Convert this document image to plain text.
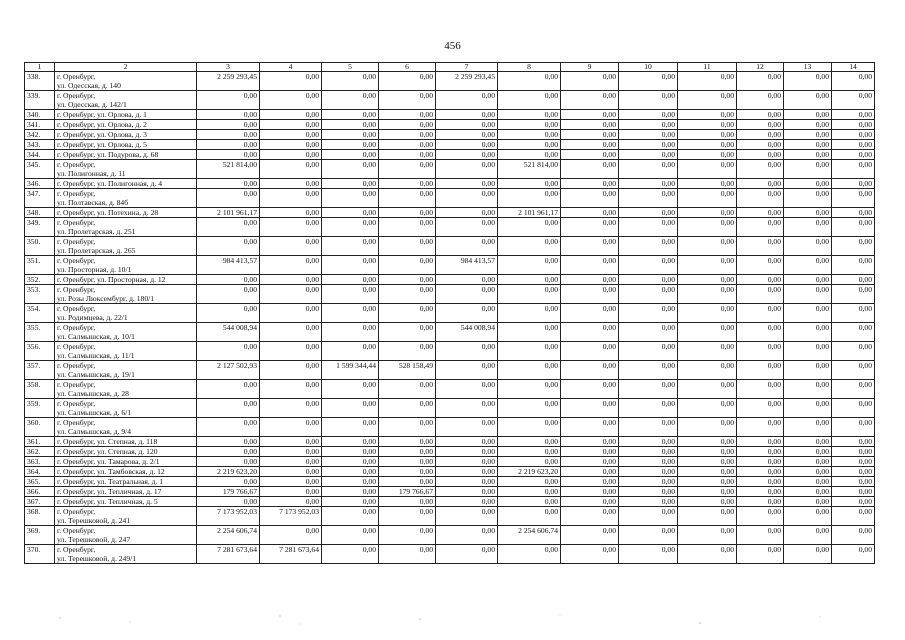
456
1	2	3	4	5	6	7	8	9	10	11	12	13	14
338.	г. Оренбург,
ул. Одесская, д. 140	2 259 293,45	0,00	0,00	0,00	2 259 293,45	0,00	0,00	0,00	0,00	0,00	0,00	0,00
339.	г. Оренбург,
ул. Одесская, д. 142/1	0,00	0,00	0,00	0,00	0,00	0,00	0,00	0,00	0,00	0,00	0,00	0,00
340.	г. Оренбург, ул. Орлова, д. 1	0,00	0,00	0,00	0,00	0,00	0,00	0,00	0,00	0,00	0,00	0,00	0,00
341.	г. Оренбург, ул. Орлова, д. 2	0,00	0,00	0,00	0,00	0,00	0,00	0,00	0,00	0,00	0,00	0,00	0,00
342.	г. Оренбург, ул. Орлова, д. 3	0,00	0,00	0,00	0,00	0,00	0,00	0,00	0,00	0,00	0,00	0,00	0,00
343.	г. Оренбург, ул. Орлова, д. 5	0,00	0,00	0,00	0,00	0,00	0,00	0,00	0,00	0,00	0,00	0,00	0,00
344.	г. Оренбург, ул. Подурова, д. 68	0,00	0,00	0,00	0,00	0,00	0,00	0,00	0,00	0,00	0,00	0,00	0,00
345.	г. Оренбург,
ул. Полигонная, д. 11	521 814,00	0,00	0,00	0,00	0,00	521 814,00	0,00	0,00	0,00	0,00	0,00	0,00
346.	г. Оренбург, ул. Полигонная, д. 4	0,00	0,00	0,00	0,00	0,00	0,00	0,00	0,00	0,00	0,00	0,00	0,00
347.	г. Оренбург,
ул. Полтавская, д. 84б	0,00	0,00	0,00	0,00	0,00	0,00	0,00	0,00	0,00	0,00	0,00	0,00
348.	г. Оренбург, ул. Потехина, д. 28	2 101 961,17	0,00	0,00	0,00	0,00	2 101 961,17	0,00	0,00	0,00	0,00	0,00	0,00
349.	г. Оренбург,
ул. Пролетарская, д. 251	0,00	0,00	0,00	0,00	0,00	0,00	0,00	0,00	0,00	0,00	0,00	0,00
350.	г. Оренбург,
ул. Пролетарская, д. 265	0,00	0,00	0,00	0,00	0,00	0,00	0,00	0,00	0,00	0,00	0,00	0,00
351.	г. Оренбург,
ул. Просторная, д. 10/1	984 413,57	0,00	0,00	0,00	984 413,57	0,00	0,00	0,00	0,00	0,00	0,00	0,00
352.	г. Оренбург, ул. Просторная, д. 12	0,00	0,00	0,00	0,00	0,00	0,00	0,00	0,00	0,00	0,00	0,00	0,00
353.	г. Оренбург,
ул. Розы Люксембург, д. 180/1	0,00	0,00	0,00	0,00	0,00	0,00	0,00	0,00	0,00	0,00	0,00	0,00
354.	г. Оренбург,
ул. Родимцева, д. 22/1	0,00	0,00	0,00	0,00	0,00	0,00	0,00	0,00	0,00	0,00	0,00	0,00
355.	г. Оренбург,
ул. Салмышская, д. 10/1	544 008,94	0,00	0,00	0,00	544 008,94	0,00	0,00	0,00	0,00	0,00	0,00	0,00
356.	г. Оренбург,
ул. Салмышская, д. 11/1	0,00	0,00	0,00	0,00	0,00	0,00	0,00	0,00	0,00	0,00	0,00	0,00
357.	г. Оренбург,
ул. Салмышская, д. 19/1	2 127 502,93	0,00	1 599 344,44	528 158,49	0,00	0,00	0,00	0,00	0,00	0,00	0,00	0,00
358.	г. Оренбург,
ул. Салмышская, д. 28	0,00	0,00	0,00	0,00	0,00	0,00	0,00	0,00	0,00	0,00	0,00	0,00
359.	г. Оренбург,
ул. Салмышская, д. 6/1	0,00	0,00	0,00	0,00	0,00	0,00	0,00	0,00	0,00	0,00	0,00	0,00
360.	г. Оренбург,
ул. Салмышская, д. 9/4	0,00	0,00	0,00	0,00	0,00	0,00	0,00	0,00	0,00	0,00	0,00	0,00
361.	г. Оренбург, ул. Степная, д. 118	0,00	0,00	0,00	0,00	0,00	0,00	0,00	0,00	0,00	0,00	0,00	0,00
362.	г. Оренбург, ул. Степная, д. 120	0,00	0,00	0,00	0,00	0,00	0,00	0,00	0,00	0,00	0,00	0,00	0,00
363.	г. Оренбург, ул. Тамарова, д. 2/1	0,00	0,00	0,00	0,00	0,00	0,00	0,00	0,00	0,00	0,00	0,00	0,00
364.	г. Оренбург, ул. Тамбовская, д. 12	2 219 623,20	0,00	0,00	0,00	0,00	2 219 623,20	0,00	0,00	0,00	0,00	0,00	0,00
365.	г. Оренбург, ул. Театральная, д. 1	0,00	0,00	0,00	0,00	0,00	0,00	0,00	0,00	0,00	0,00	0,00	0,00
366.	г. Оренбург, ул. Тепличная, д. 17	179 766,67	0,00	0,00	179 766,67	0,00	0,00	0,00	0,00	0,00	0,00	0,00	0,00
367.	г. Оренбург, ул. Тепличная, д. 5	0,00	0,00	0,00	0,00	0,00	0,00	0,00	0,00	0,00	0,00	0,00	0,00
368.	г. Оренбург,
ул. Терешковой, д. 241	7 173 952,03	7 173 952,03	0,00	0,00	0,00	0,00	0,00	0,00	0,00	0,00	0,00	0,00
369.	г. Оренбург,
ул. Терешковой, д. 247	2 254 606,74	0,00	0,00	0,00	0,00	2 254 606,74	0,00	0,00	0,00	0,00	0,00	0,00
370.	г. Оренбург,
ул. Терешковой, д. 249/1	7 281 673,64	7 281 673,64	0,00	0,00	0,00	0,00	0,00	0,00	0,00	0,00	0,00	0,00
